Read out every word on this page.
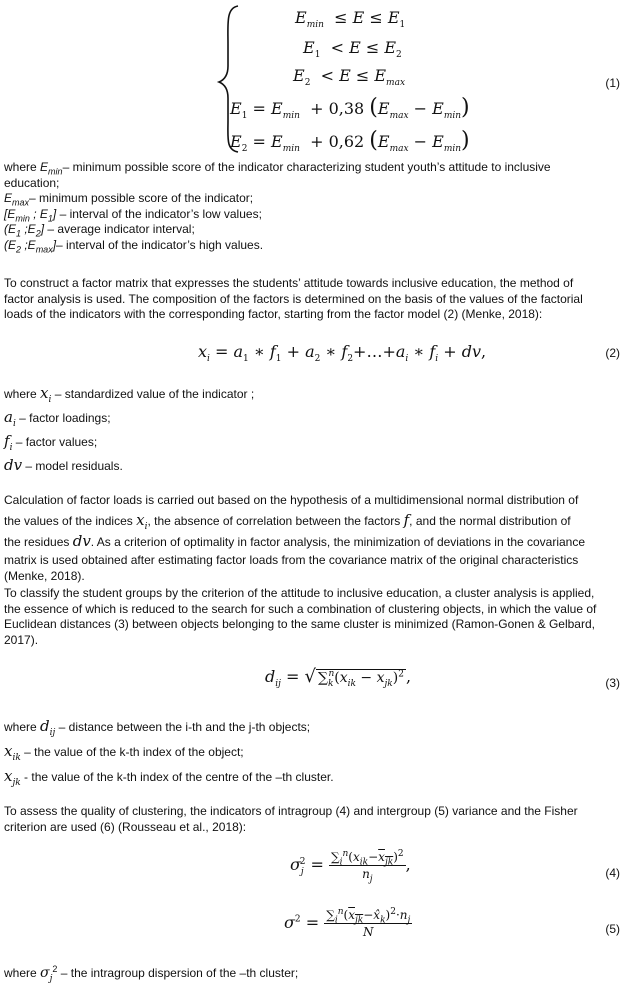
$E_{min} \le E \le E_1$
$E_1 < E \le E_2$
$E_2 < E \le E_{max}$
$E_1 = E_{min} + 0,38$ $(E_{max} - E_{min})$
$E_2 = E_{min} + 0,62$ $(E_{max} - E_{min})$
(1)
where $E_{min}-$ minimum possible score of the indicator characterizing student youth’s attitude to inclusive
education;
$E_{max}-$ minimum possible score of the indicator;
[$E_{min}$ ; $E_1$] – interval of the indicator’s low values;
($E_1$ $;E_2$] – average indicator interval;
($E_2$ $;E_{max}]-$ interval of the indicator’s high values.
To construct a factor matrix that expresses the students’ attitude towards inclusive education, the method of
factor analysis is used. The composition of the factors is determined on the basis of the values of the factorial
loads of the indicators with the corresponding factor, starting from the factor model (2) (Menke, 2018):
$x_i = a_1$ ∗ $f_1 + a_2$ ∗ $f_2+\dots+a_i$ ∗ $f_i$ + dv,	(2)
where $x_i$ – standardized value of the indicator ;
$a_i$ – factor loadings;
$f_i$ – factor values;
dv – model residuals.
Calculation of factor loads is carried out based on the hypothesis of a multidimensional normal distribution of
the values of the indices $x_i$, the absence of correlation between the factors f, and the normal distribution of
the residues dv. As a criterion of optimality in factor analysis, the minimization of deviations in the covariance
matrix is used obtained after estimating factor loads from the covariance matrix of the original characteristics
(Menke, 2018).
To classify the student groups by the criterion of the attitude to inclusive education, a cluster analysis is applied,
the essence of which is reduced to the search for such a combination of clustering objects, in which the value of
Euclidean distances (3) between objects belonging to the same cluster is minimized (Ramon-Gonen & Gelbard,
2017).
$d_{ij}$ = √ $\sum_k^n(x_{ik} - x_{jk})^2$ ,	(3)
where $d_{ij}$ – distance between the i-th and the j-th objects;
$x_{ik}$ – the value of the k-th index of the object;
$x_{jk}$ - the value of the k-th index of the centre of the –th cluster.
To assess the quality of clustering, the indicators of intragroup (4) and intergroup (5) variance and the Fisher
criterion are used (6) (Rousseau et al., 2018):
$\sigma_j^2 = \frac{\sum_i^n(x_{ik}-x_{jk})^2}{n_j}$ ,	(4)
$\sigma^2 = \frac{\sum_i^n(x_{jk}-x̂_k)^2\cdot n_j}{N}$	(5)
where $\sigma_j^2$ – the intragroup dispersion of the –th cluster;
